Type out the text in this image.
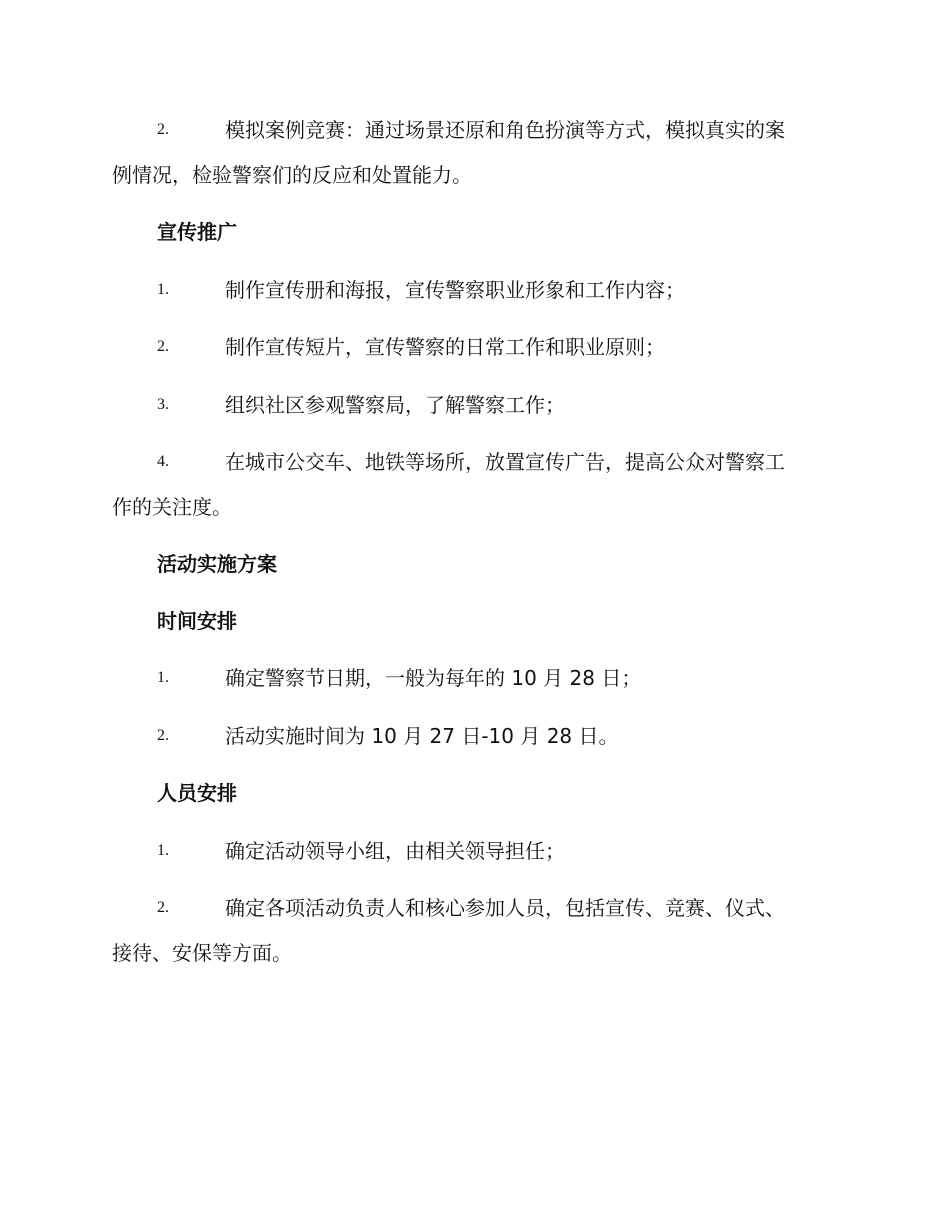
2.	模拟案例竞赛：通过场景还原和角色扮演等方式，模拟真实的案
例情况，检验警察们的反应和处置能力。
宣传推广
1.	制作宣传册和海报，宣传警察职业形象和工作内容；
2.	制作宣传短片，宣传警察的日常工作和职业原则；
3.	组织社区参观警察局，了解警察工作；
4.	在城市公交车、地铁等场所，放置宣传广告，提高公众对警察工
作的关注度。
活动实施方案
时间安排
1.	确定警察节日期，一般为每年的 10 月 28 日；
2.	活动实施时间为 10 月 27 日-10 月 28 日。
人员安排
1.	确定活动领导小组，由相关领导担任；
2.	确定各项活动负责人和核心参加人员，包括宣传、竞赛、仪式、
接待、安保等方面。
